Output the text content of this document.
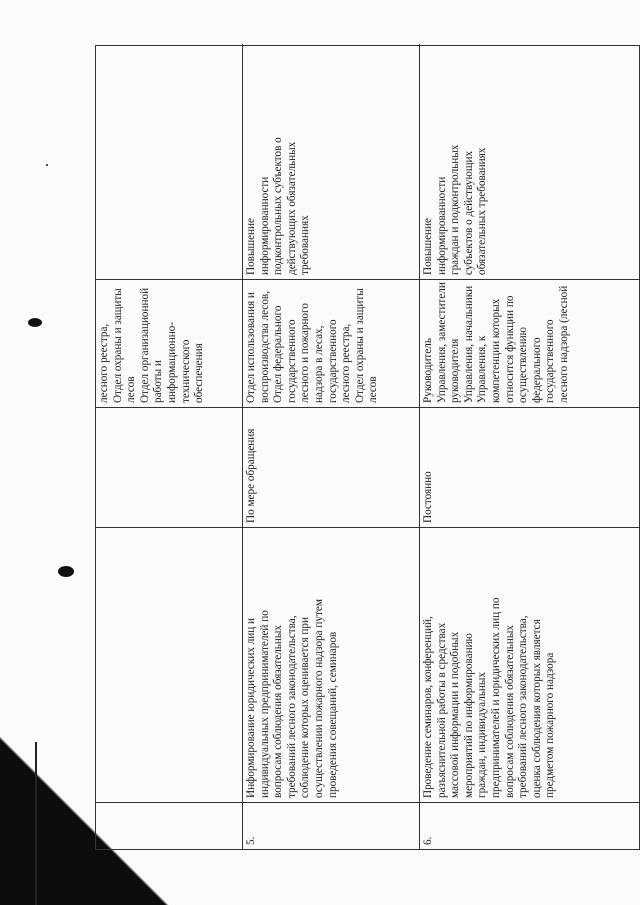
лесного реестра, Отдел охраны и защиты лесов Отдел организационной работы и информационно- технического обеспечения
5.
Информирование юридических лиц и индивидуальных предпринимателей по вопросам соблюдения обязательных требований лесного законодательства, соблюдение которых оценивается при осуществлении пожарного надзора путем проведения совещаний, семинаров
По мере обращения
Отдел использования и воспроизводства лесов, Отдел федерального государственного лесного и пожарного надзора в лесах, государственного лесного реестра, Отдел охраны и защиты лесов
Повышение информированности подконтрольных субъектов о действующих обязательных требованиях
6.
Проведение семинаров, конференций, разъяснительной работы в средствах массовой информации и подобных мероприятий по информированию граждан, индивидуальных предпринимателей и юридических лиц по вопросам соблюдения обязательных требований лесного законодательства, оценка соблюдения которых является предметом пожарного надзора
Постоянно
Руководитель Управления, заместители руководителя Управления, начальники Управления, к компетенции которых относится функции по осуществлению федерального государственного лесного надзора (лесной
Повышение информированности граждан и подконтрольных субъектов о действующих обязательных требованиях
